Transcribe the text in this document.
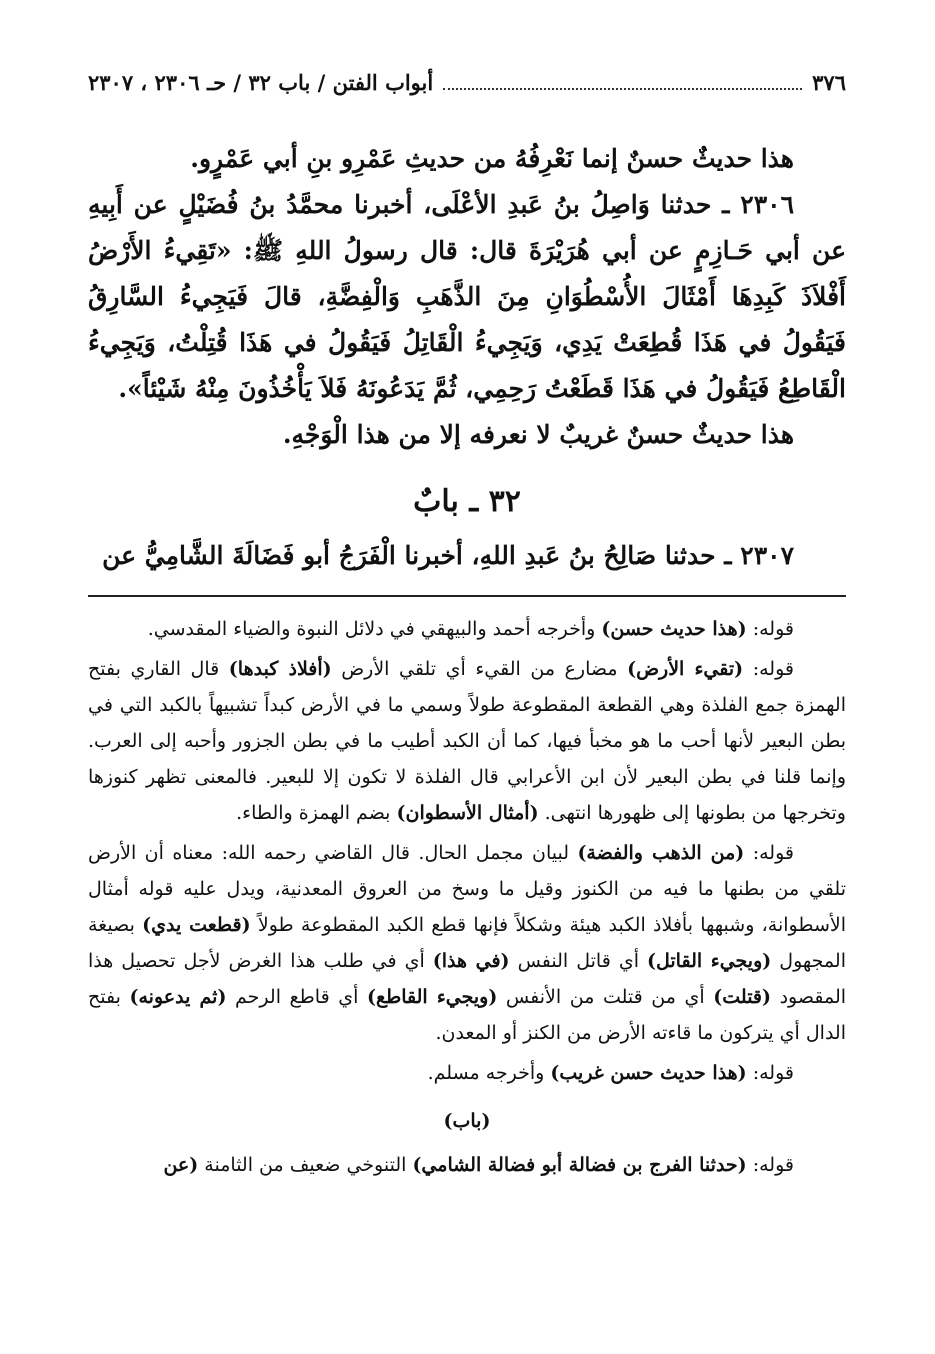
٣٧٦
أبواب الفتن / باب ٣٢ / حـ ٢٣٠٦ ، ٢٣٠٧

هذا حديثٌ حسنٌ إنما نَعْرِفُهُ من حديثِ عَمْرِو بنِ أبي عَمْرٍو.

٢٣٠٦ ـ حدثنا وَاصِلُ بنُ عَبدِ الأعْلَى، أخبرنا محمَّدُ بنُ فُضَيْلٍ عن أَبِيهِ عن أبي حَـازِمٍ عن أبي هُرَيْرَةَ قال: قال رسولُ اللهِ ﷺ: «تَقِيءُ الأَرْضُ أَفْلاَذَ كَبِدِهَا أَمْثَالَ الأُسْطُوَانِ مِنَ الذَّهَبِ وَالْفِضَّةِ، قالَ فَيَجِيءُ السَّارِقُ فَيَقُولُ في هَذَا قُطِعَتْ يَدِي، وَيَجِيءُ الْقَاتِلُ فَيَقُولُ في هَذَا قُتِلْتُ، وَيَجِيءُ الْقَاطِعُ فَيَقُولُ في هَذَا قَطَعْتُ رَحِمِي، ثُمَّ يَدَعُونَهُ فَلاَ يَأْخُذُونَ مِنْهُ شَيْئاً».

هذا حديثٌ حسنٌ غريبٌ لا نعرفه إلا من هذا الْوَجْهِ.

٣٢ ـ بابٌ

٢٣٠٧ ـ حدثنا صَالِحُ بنُ عَبدِ اللهِ، أخبرنا الْفَرَجُ أبو فَضَالَةَ الشَّامِيُّ عن

قوله: (هذا حديث حسن) وأخرجه أحمد والبيهقي في دلائل النبوة والضياء المقدسي.

قوله: (تقيء الأرض) مضارع من القيء أي تلقي الأرض (أفلاذ كبدها) قال القاري بفتح الهمزة جمع الفلذة وهي القطعة المقطوعة طولاً وسمي ما في الأرض كبداً تشبيهاً بالكبد التي في بطن البعير لأنها أحب ما هو مخبأ فيها، كما أن الكبد أطيب ما في بطن الجزور وأحبه إلى العرب. وإنما قلنا في بطن البعير لأن ابن الأعرابي قال الفلذة لا تكون إلا للبعير. فالمعنى تظهر كنوزها وتخرجها من بطونها إلى ظهورها انتهى. (أمثال الأسطوان) بضم الهمزة والطاء.

قوله: (من الذهب والفضة) لبيان مجمل الحال. قال القاضي رحمه الله: معناه أن الأرض تلقي من بطنها ما فيه من الكنوز وقيل ما وسخ من العروق المعدنية، ويدل عليه قوله أمثال الأسطوانة، وشبهها بأفلاذ الكبد هيئة وشكلاً فإنها قطع الكبد المقطوعة طولاً (قطعت يدي) بصيغة المجهول (ويجيء القاتل) أي قاتل النفس (في هذا) أي في طلب هذا الغرض لأجل تحصيل هذا المقصود (قتلت) أي من قتلت من الأنفس (ويجيء القاطع) أي قاطع الرحم (ثم يدعونه) بفتح الدال أي يتركون ما قاءته الأرض من الكنز أو المعدن.

قوله: (هذا حديث حسن غريب) وأخرجه مسلم.

(باب)

قوله: (حدثنا الفرج بن فضالة أبو فضالة الشامي) التنوخي ضعيف من الثامنة (عن
